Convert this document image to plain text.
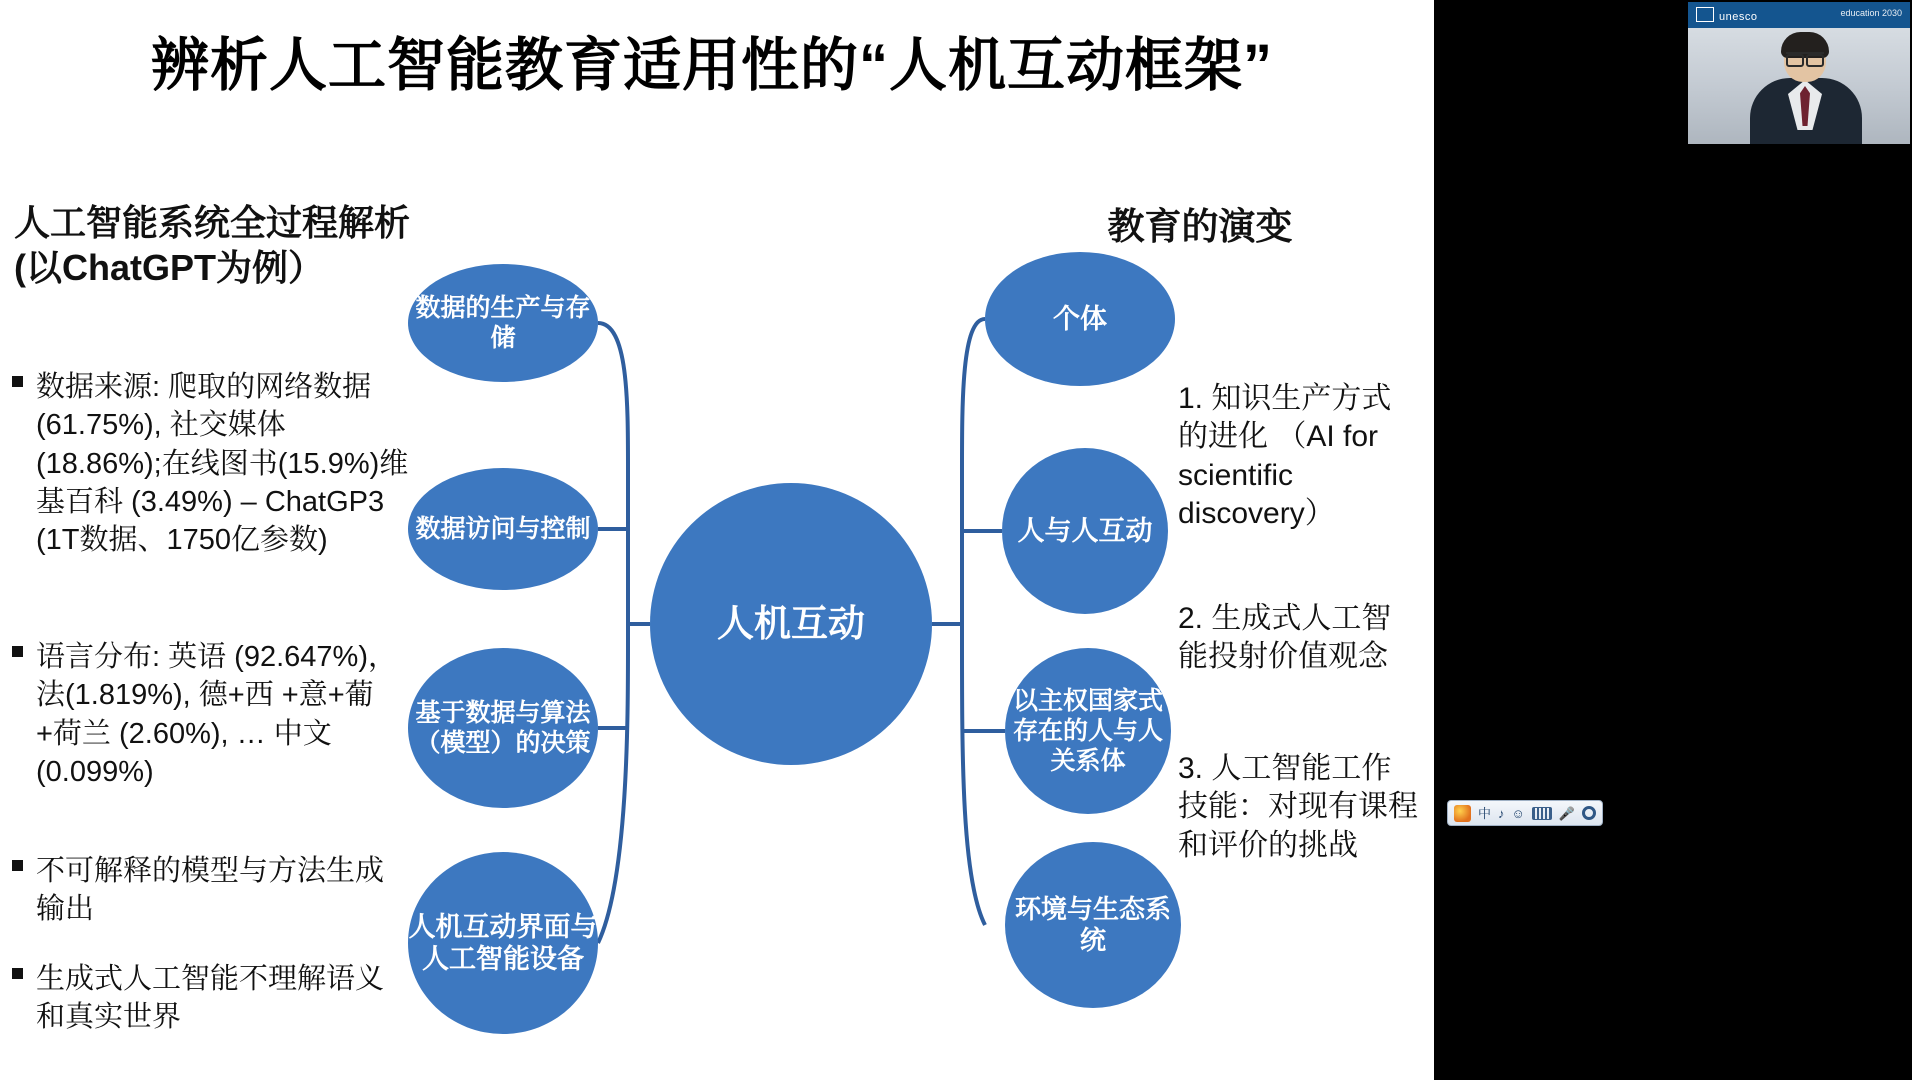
辨析人工智能教育适用性的“人机互动框架”
人工智能系统全过程解析(以ChatGPT为例）
数据来源: 爬取的网络数据 (61.75%), 社交媒体 (18.86%);在线图书(15.9%)维基百科 (3.49%) – ChatGP3 (1T数据、1750亿参数)
语言分布: 英语 (92.647%)，法(1.819%), 德+西 +意+葡+荷兰 (2.60%), … 中文 (0.099%)
不可解释的模型与方法生成输出
生成式人工智能不理解语义和真实世界
教育的演变
1. 知识生产方式的进化 （AI for scientific discovery）
2. 生成式人工智能投射价值观念
3. 人工智能工作技能：对现有课程和评价的挑战
数据的生产与存储
数据访问与控制
基于数据与算法（模型）的决策
人机互动界面与人工智能设备
人机互动
个体
人与人互动
以主权国家式存在的人与人关系体
环境与生态系统
unesco	education 2030
中 ♪ ☺	🎤
